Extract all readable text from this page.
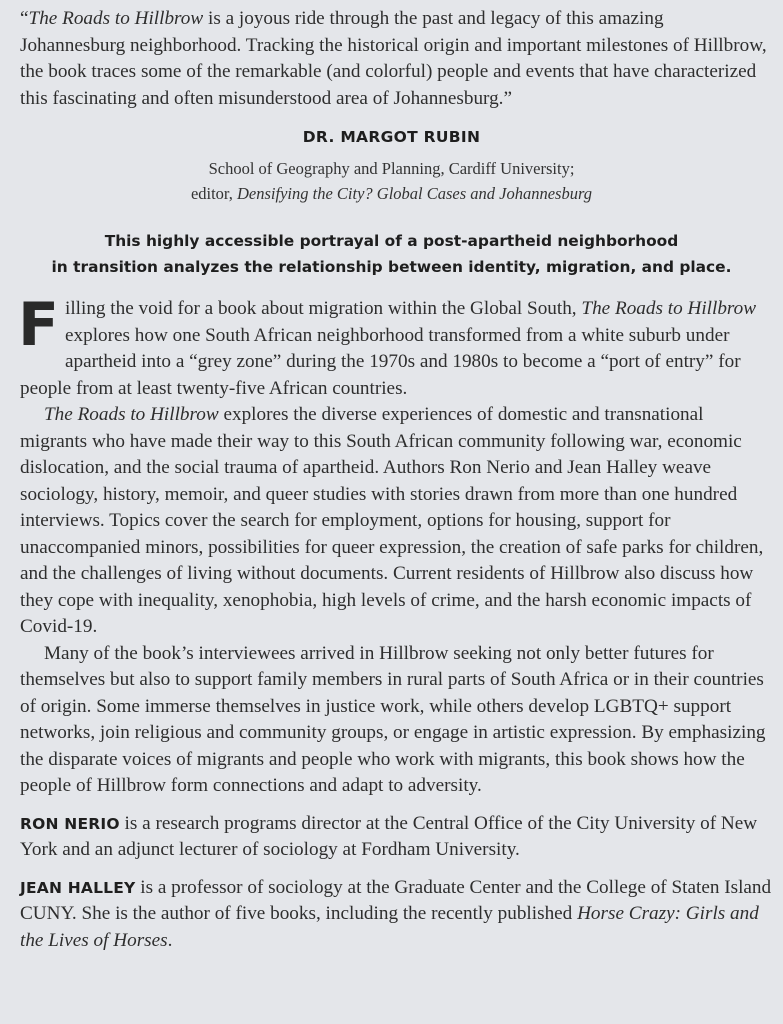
“The Roads to Hillbrow is a joyous ride through the past and legacy of this amazing Johannesburg neighborhood. Tracking the historical origin and important milestones of Hillbrow, the book traces some of the remarkable (and colorful) people and events that have characterized this fascinating and often misunderstood area of Johannesburg.”

DR. MARGOT RUBIN
School of Geography and Planning, Cardiff University;
editor, Densifying the City? Global Cases and Johannesburg
This highly accessible portrayal of a post-apartheid neighborhood
in transition analyzes the relationship between identity, migration, and place.

Filling the void for a book about migration within the Global South, The Roads to Hillbrow explores how one South African neighborhood transformed from a white suburb under apartheid into a “grey zone” during the 1970s and 1980s to become a “port of entry” for people from at least twenty-five African countries.

The Roads to Hillbrow explores the diverse experiences of domestic and transnational migrants who have made their way to this South African community following war, economic dislocation, and the social trauma of apartheid. Authors Ron Nerio and Jean Halley weave sociology, history, memoir, and queer studies with stories drawn from more than one hundred interviews. Topics cover the search for employment, options for housing, support for unaccompanied minors, possibilities for queer expression, the creation of safe parks for children, and the challenges of living without documents. Current residents of Hillbrow also discuss how they cope with inequality, xenophobia, high levels of crime, and the harsh economic impacts of Covid-19.

Many of the book’s interviewees arrived in Hillbrow seeking not only better futures for themselves but also to support family members in rural parts of South Africa or in their countries of origin. Some immerse themselves in justice work, while others develop LGBTQ+ support networks, join religious and community groups, or engage in artistic expression. By emphasizing the disparate voices of migrants and people who work with migrants, this book shows how the people of Hillbrow form connections and adapt to adversity.

RON NERIO is a research programs director at the Central Office of the City University of New York and an adjunct lecturer of sociology at Fordham University.

JEAN HALLEY is a professor of sociology at the Graduate Center and the College of Staten Island CUNY. She is the author of five books, including the recently published Horse Crazy: Girls and the Lives of Horses.
